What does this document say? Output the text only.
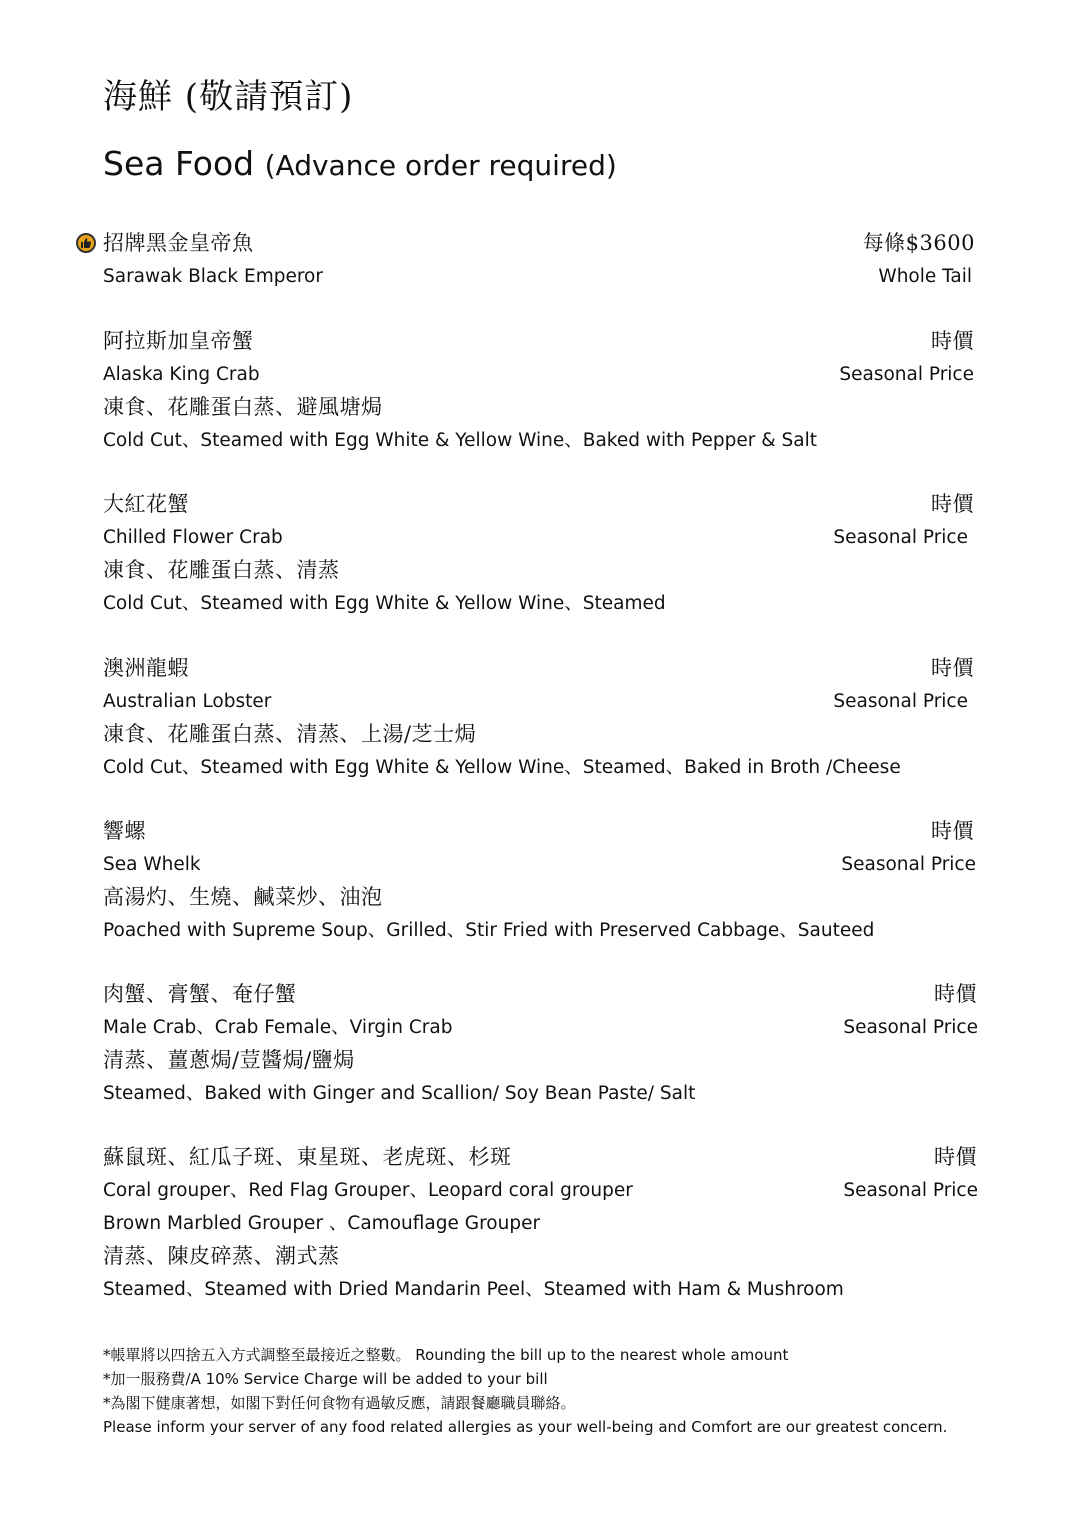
海鮮 (敬請預訂)
Sea Food (Advance order required)
招牌黑金皇帝魚	每條$3600
Sarawak Black Emperor	Whole Tail
阿拉斯加皇帝蟹	時價
Alaska King Crab	Seasonal Price
凍食、花雕蛋白蒸、避風塘焗
Cold Cut、Steamed with Egg White & Yellow Wine、Baked with Pepper & Salt
大紅花蟹	時價
Chilled Flower Crab	Seasonal Price
凍食、花雕蛋白蒸、清蒸
Cold Cut、Steamed with Egg White & Yellow Wine、Steamed
澳洲龍蝦	時價
Australian Lobster	Seasonal Price
凍食、花雕蛋白蒸、清蒸、上湯/芝士焗
Cold Cut、Steamed with Egg White & Yellow Wine、Steamed、Baked in Broth /Cheese
響螺	時價
Sea Whelk	Seasonal Price
高湯灼、生燒、鹹菜炒、油泡
Poached with Supreme Soup、Grilled、Stir Fried with Preserved Cabbage、Sauteed
肉蟹、膏蟹、奄仔蟹	時價
Male Crab、Crab Female、Virgin Crab	Seasonal Price
清蒸、薑蔥焗/荳醬焗/鹽焗
Steamed、Baked with Ginger and Scallion/ Soy Bean Paste/ Salt
蘇鼠斑、紅瓜子斑、東星斑、老虎斑、杉斑	時價
Coral grouper、Red Flag Grouper、Leopard coral grouper	Seasonal Price
Brown Marbled Grouper 、Camouflage Grouper
清蒸、陳皮碎蒸、潮式蒸
Steamed、Steamed with Dried Mandarin Peel、Steamed with Ham & Mushroom
*帳單將以四捨五入方式調整至最接近之整數。 Rounding the bill up to the nearest whole amount
*加一服務費/A 10% Service Charge will be added to your bill
*為閣下健康著想，如閣下對任何食物有過敏反應，請跟餐廳職員聯絡。
Please inform your server of any food related allergies as your well-being and Comfort are our greatest concern.
